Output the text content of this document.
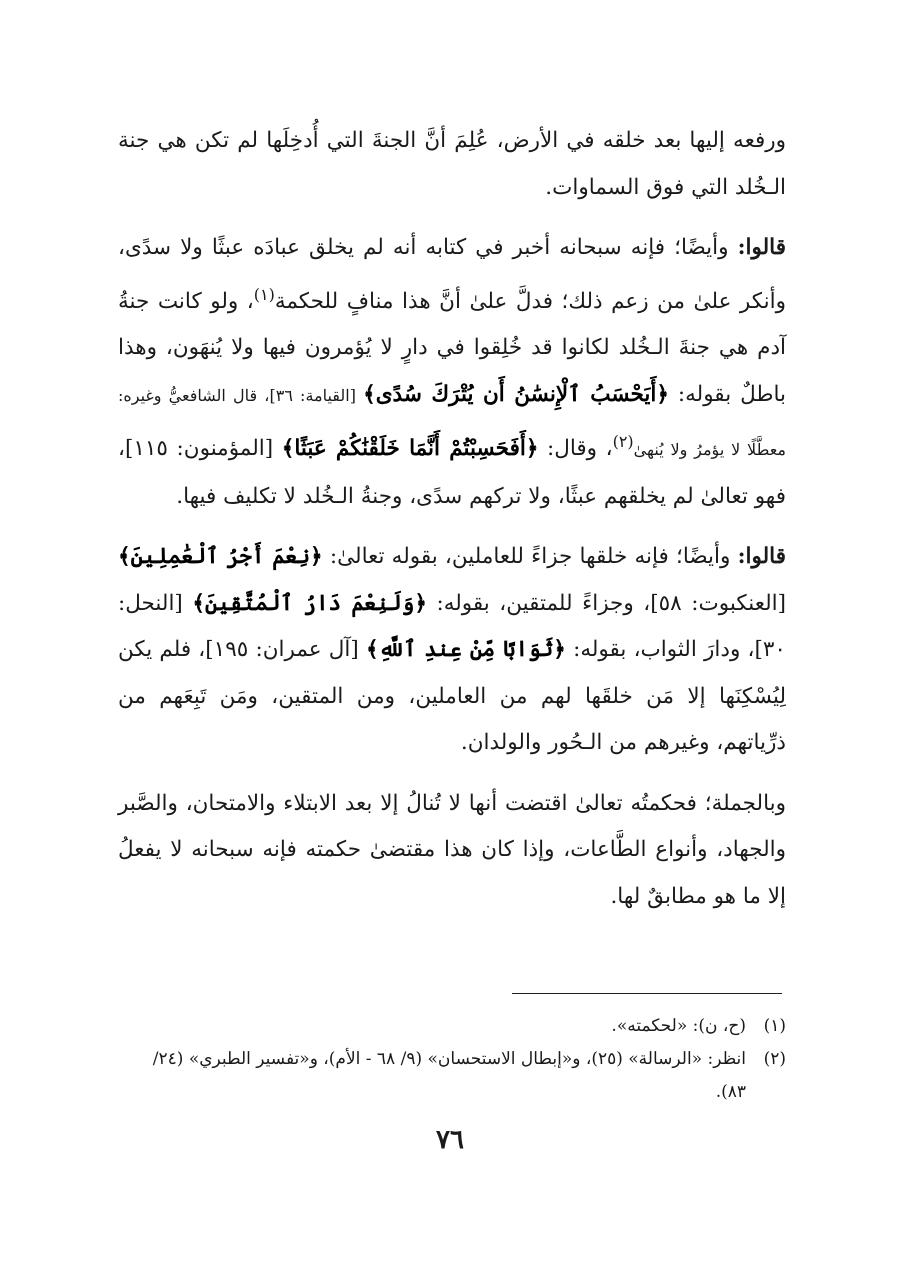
ورفعه إليها بعد خلقه في الأرض، عُلِمَ أنَّ الجنةَ التي أُدخِلَها لم تكن هي جنة الـخُلد التي فوق السماوات.

قالوا: وأيضًا؛ فإنه سبحانه أخبر في كتابه أنه لم يخلق عبادَه عبثًا ولا سدًى، وأنكر علىٰ من زعم ذلك؛ فدلَّ علىٰ أنَّ هذا منافٍ للحكمة$^{(١)}$، ولو كانت جنةُ آدم هي جنةَ الـخُلد لكانوا قد خُلِقوا في دارٍ لا يُؤمرون فيها ولا يُنهَون، وهذا باطلٌ بقوله: ﴿أَيَحْسَبُ ٱلْإِنسَٰنُ أَن يُتْرَكَ سُدًى﴾ [القيامة: ٣٦]، قال الشافعيُّ وغيره: معطَّلًا لا يؤمرُ ولا يُنهىٰ$^{(٢)}$، وقال: ﴿أَفَحَسِبْتُمْ أَنَّمَا خَلَقْنَٰكُمْ عَبَثًا﴾ [المؤمنون: ١١٥]، فهو تعالىٰ لم يخلقهم عبثًا، ولا تركهم سدًى، وجنةُ الـخُلد لا تكليف فيها.

قالوا: وأيضًا؛ فإنه خلقها جزاءً للعاملين، بقوله تعالىٰ: ﴿نِعْمَ أَجْرُ ٱلْعَٰمِلِينَ﴾ [العنكبوت: ٥٨]، وجزاءً للمتقين، بقوله: ﴿وَلَنِعْمَ دَارُ ٱلْمُتَّقِينَ﴾ [النحل: ٣٠]، ودارَ الثواب، بقوله: ﴿ثَوَابًا مِّنْ عِندِ ٱللَّهِ﴾ [آل عمران: ١٩٥]، فلم يكن لِيُسْكِنَها إلا مَن خلقَها لهم من العاملين، ومن المتقين، ومَن تَبِعَهم من ذرِّياتهم، وغيرهم من الـحُور والولدان.

وبالجملة؛ فحكمتُه تعالىٰ اقتضت أنها لا تُنالُ إلا بعد الابتلاء والامتحان، والصَّبر والجهاد، وأنواع الطَّاعات، وإذا كان هذا مقتضىٰ حكمته فإنه سبحانه لا يفعلُ إلا ما هو مطابقٌ لها.

(١)
(ح، ن): «لحكمته».
(٢)
انظر: «الرسالة» (٢٥)، و«إبطال الاستحسان» (٩/ ٦٨ - الأم)، و«تفسير الطبري» (٢٤/ ٨٣).
٧٦
